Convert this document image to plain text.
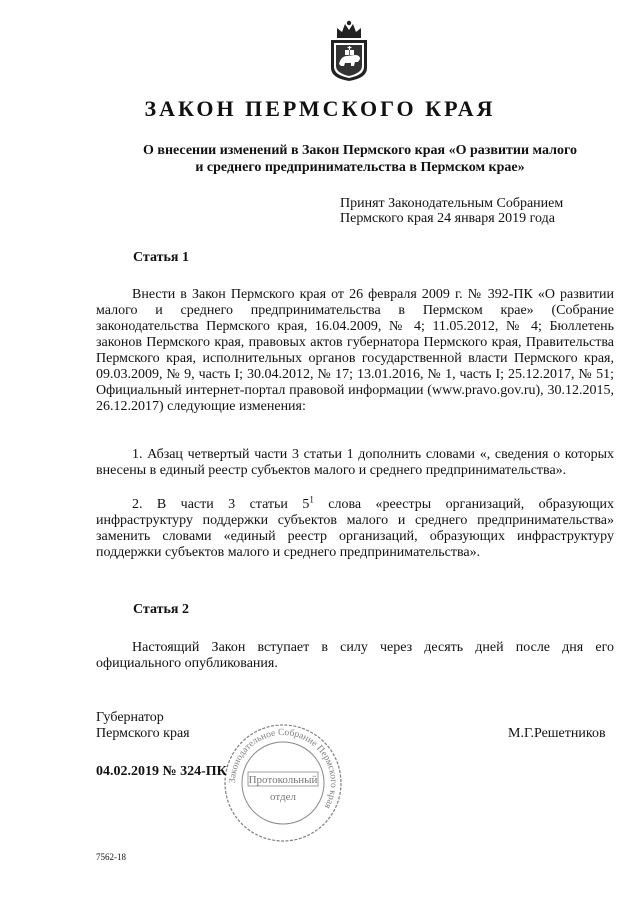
ЗАКОН ПЕРМСКОГО КРАЯ
О внесении изменений в Закон Пермского края «О развитии малого
и среднего предпринимательства в Пермском крае»
Принят Законодательным Собранием
Пермского края 24 января 2019 года
Статья 1
Внести в Закон Пермского края от 26 февраля 2009 г. № 392-ПК «О развитии малого и среднего предпринимательства в Пермском крае» (Собрание законодательства Пермского края, 16.04.2009, № 4; 11.05.2012, № 4; Бюллетень законов Пермского края, правовых актов губернатора Пермского края, Правительства Пермского края, исполнительных органов государственной власти Пермского края, 09.03.2009, № 9, часть I; 30.04.2012, № 17; 13.01.2016, № 1, часть I; 25.12.2017, № 51; Официальный интернет-портал правовой информации (www.pravo.gov.ru), 30.12.2015, 26.12.2017) следующие изменения:
1. Абзац четвертый части 3 статьи 1 дополнить словами «, сведения о которых внесены в единый реестр субъектов малого и среднего предпринимательства».
2. В части 3 статьи $5^1$ слова «реестры организаций, образующих инфраструктуру поддержки субъектов малого и среднего предпринимательства» заменить словами «единый реестр организаций, образующих инфраструктуру поддержки субъектов малого и среднего предпринимательства».
Статья 2
Настоящий Закон вступает в силу через десять дней после дня его официального опубликования.
Губернатор
Пермского края	М.Г.Решетников
Законодательное Собрание Пермского края
Протокольный
отдел
04.02.2019 № 324-ПК
7562-18
